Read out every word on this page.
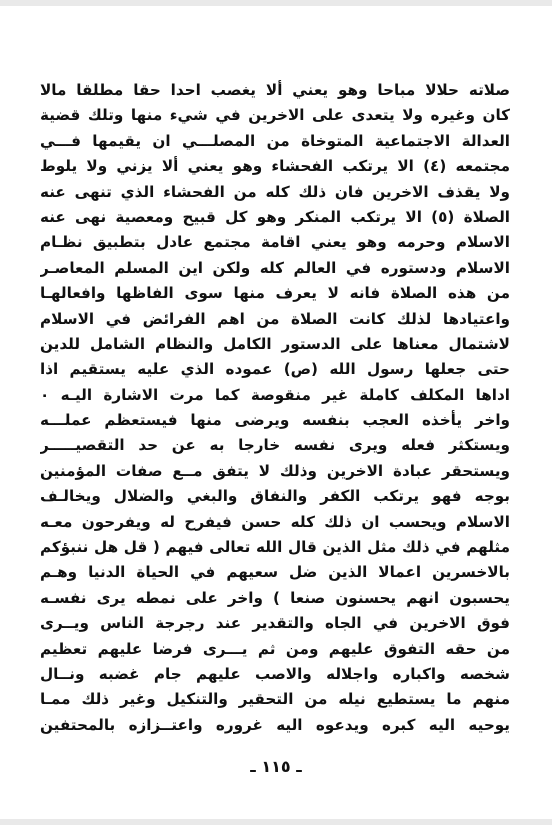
صلاته حلالا مباحا وهو يعني ألا يغصب احدا حقا مطلقا مالا
كان وغيره ولا يتعدى على الاخرين في شيء منها وتلك قضية
العدالة الاجتماعية المتوخاة من المصلـــي ان يقيمها فـــي
مجتمعه (٤) الا يرتكب الفحشاء وهو يعني ألا يزني ولا يلوط
ولا يقذف الاخرين فان ذلك كله من الفحشاء الذي تنهى عنه
الصلاة (٥) الا يرتكب المنكر وهو كل قبيح ومعصية نهى عنه
الاسلام وحرمه وهو يعني اقامة مجتمع عادل بتطبيق نظـام
الاسلام ودستوره في العالم كله ولكن اين المسلم المعاصـر
من هذه الصلاة فانه لا يعرف منها سوى الفاظها وافعالهـا
واعتيادها لذلك كانت الصلاة من اهم الفرائض في الاسلام
لاشتمال معناها على الدستور الكامل والنظام الشامل للدين
حتى جعلها رسول الله (ص) عموده الذي عليه يستقيم اذا
اداها المكلف كاملة غير منقوصة كما مرت الاشارة اليـه ٠
واخر يأخذه العجب بنفسه ويرضى منها فيستعظم عملـــه
ويستكثر فعله ويرى نفسه خارجا به عن حد التقصيـــــر
ويستحقر عبادة الاخرين وذلك لا يتفق مــع صفات المؤمنين
بوجه فهو يرتكب الكفر والنفاق والبغي والضلال ويخالـف
الاسلام ويحسب ان ذلك كله حسن فيفرح له ويفرحون معـه
مثلهم في ذلك مثل الذين قال الله تعالى فيهم ( قل هل ننبؤكم
بالاخسرين اعمالا الذين ضل سعيهم في الحياة الدنيا وهـم
يحسبون انهم يحسنون صنعا ) واخر على نمطه يرى نفسـه
فوق الاخرين في الجاه والتقدير عند رجرجة الناس ويــرى
من حقه التفوق عليهم ومن ثم يـــرى فرضا عليهم تعظيم
شخصه واكباره واجلاله والاصب عليهم جام غضبه ونــال
منهم ما يستطيع نيله من التحقير والتنكيل وغير ذلك ممـا
يوحيه اليه كبره ويدعوه اليه غروره واعتــزازه بالمحتفين
ـ ١١٥ ـ
